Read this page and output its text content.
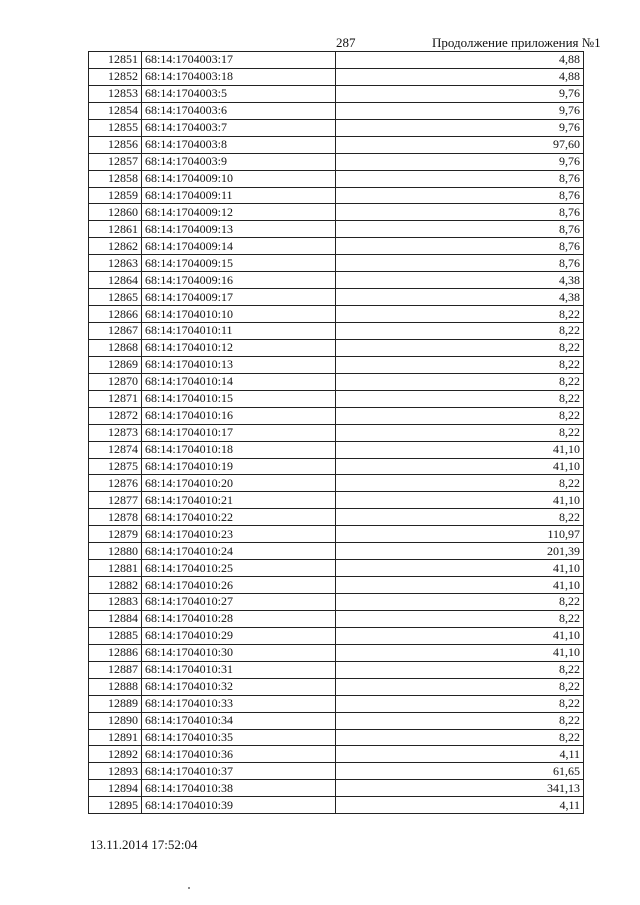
287	Продолжение приложения №1
12851	68:14:1704003:17	4,88
12852	68:14:1704003:18	4,88
12853	68:14:1704003:5	9,76
12854	68:14:1704003:6	9,76
12855	68:14:1704003:7	9,76
12856	68:14:1704003:8	97,60
12857	68:14:1704003:9	9,76
12858	68:14:1704009:10	8,76
12859	68:14:1704009:11	8,76
12860	68:14:1704009:12	8,76
12861	68:14:1704009:13	8,76
12862	68:14:1704009:14	8,76
12863	68:14:1704009:15	8,76
12864	68:14:1704009:16	4,38
12865	68:14:1704009:17	4,38
12866	68:14:1704010:10	8,22
12867	68:14:1704010:11	8,22
12868	68:14:1704010:12	8,22
12869	68:14:1704010:13	8,22
12870	68:14:1704010:14	8,22
12871	68:14:1704010:15	8,22
12872	68:14:1704010:16	8,22
12873	68:14:1704010:17	8,22
12874	68:14:1704010:18	41,10
12875	68:14:1704010:19	41,10
12876	68:14:1704010:20	8,22
12877	68:14:1704010:21	41,10
12878	68:14:1704010:22	8,22
12879	68:14:1704010:23	110,97
12880	68:14:1704010:24	201,39
12881	68:14:1704010:25	41,10
12882	68:14:1704010:26	41,10
12883	68:14:1704010:27	8,22
12884	68:14:1704010:28	8,22
12885	68:14:1704010:29	41,10
12886	68:14:1704010:30	41,10
12887	68:14:1704010:31	8,22
12888	68:14:1704010:32	8,22
12889	68:14:1704010:33	8,22
12890	68:14:1704010:34	8,22
12891	68:14:1704010:35	8,22
12892	68:14:1704010:36	4,11
12893	68:14:1704010:37	61,65
12894	68:14:1704010:38	341,13
12895	68:14:1704010:39	4,11
13.11.2014 17:52:04
